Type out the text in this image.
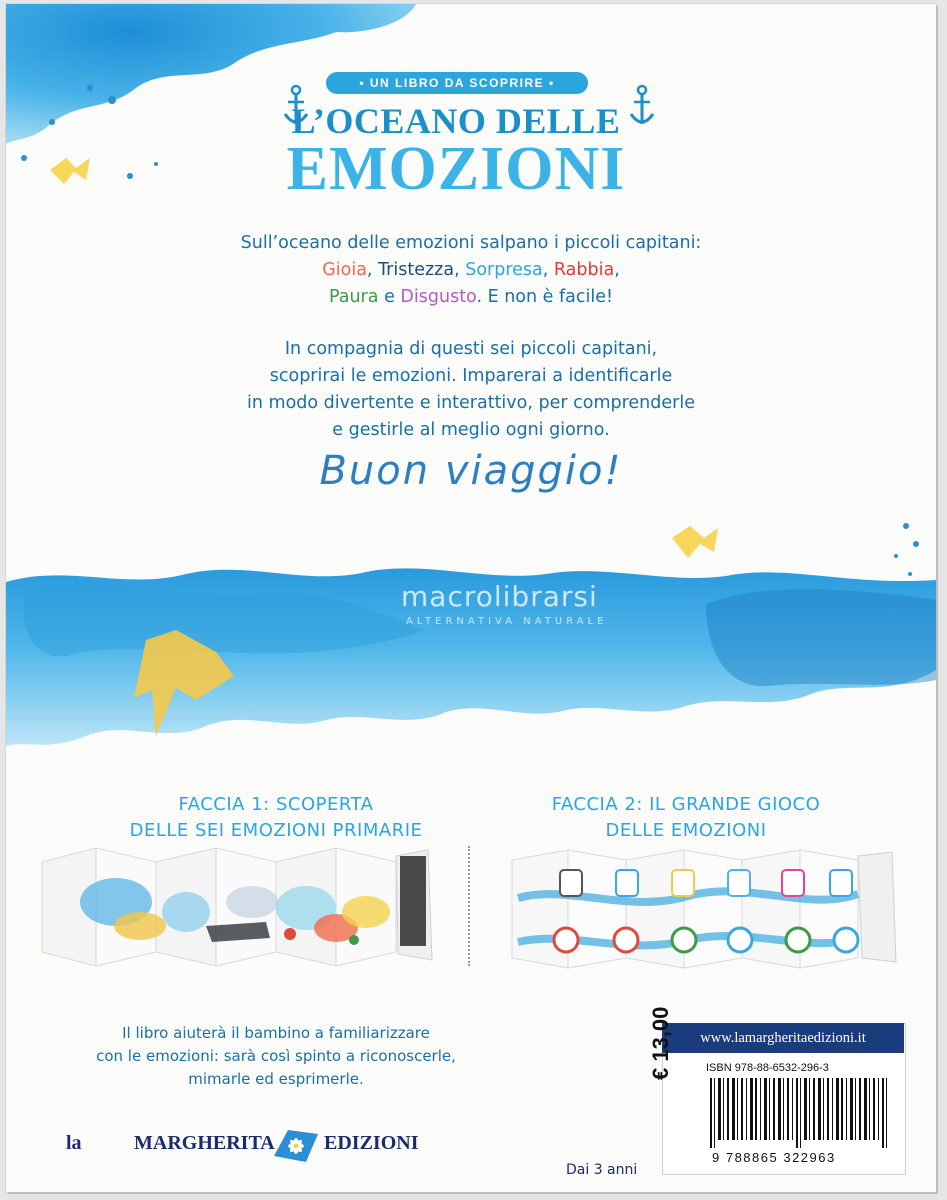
• UN LIBRO DA SCOPRIRE •
L’OCEANO DELLE
EMOZIONI
Sull’oceano delle emozioni salpano i piccoli capitani:
Gioia, Tristezza, Sorpresa, Rabbia,
Paura e Disgusto. E non è facile!
In compagnia di questi sei piccoli capitani,
scoprirai le emozioni. Imparerai a identificarle
in modo divertente e interattivo, per comprenderle
e gestirle al meglio ogni giorno.
Buon viaggio!
macrolibrarsi
ALTERNATIVA NATURALE
FACCIA 1: SCOPERTA
DELLE SEI EMOZIONI PRIMARIE
FACCIA 2: IL GRANDE GIOCO
DELLE EMOZIONI
Il libro aiuterà il bambino a familiarizzare
con le emozioni: sarà così spinto a riconoscerle,
mimarle ed esprimerle.
la	MARGHERITA EDIZIONI
Dai 3 anni
www.lamargheritaedizioni.it
€ 13,00	ISBN 978-88-6532-296-3
9 788865 322963
